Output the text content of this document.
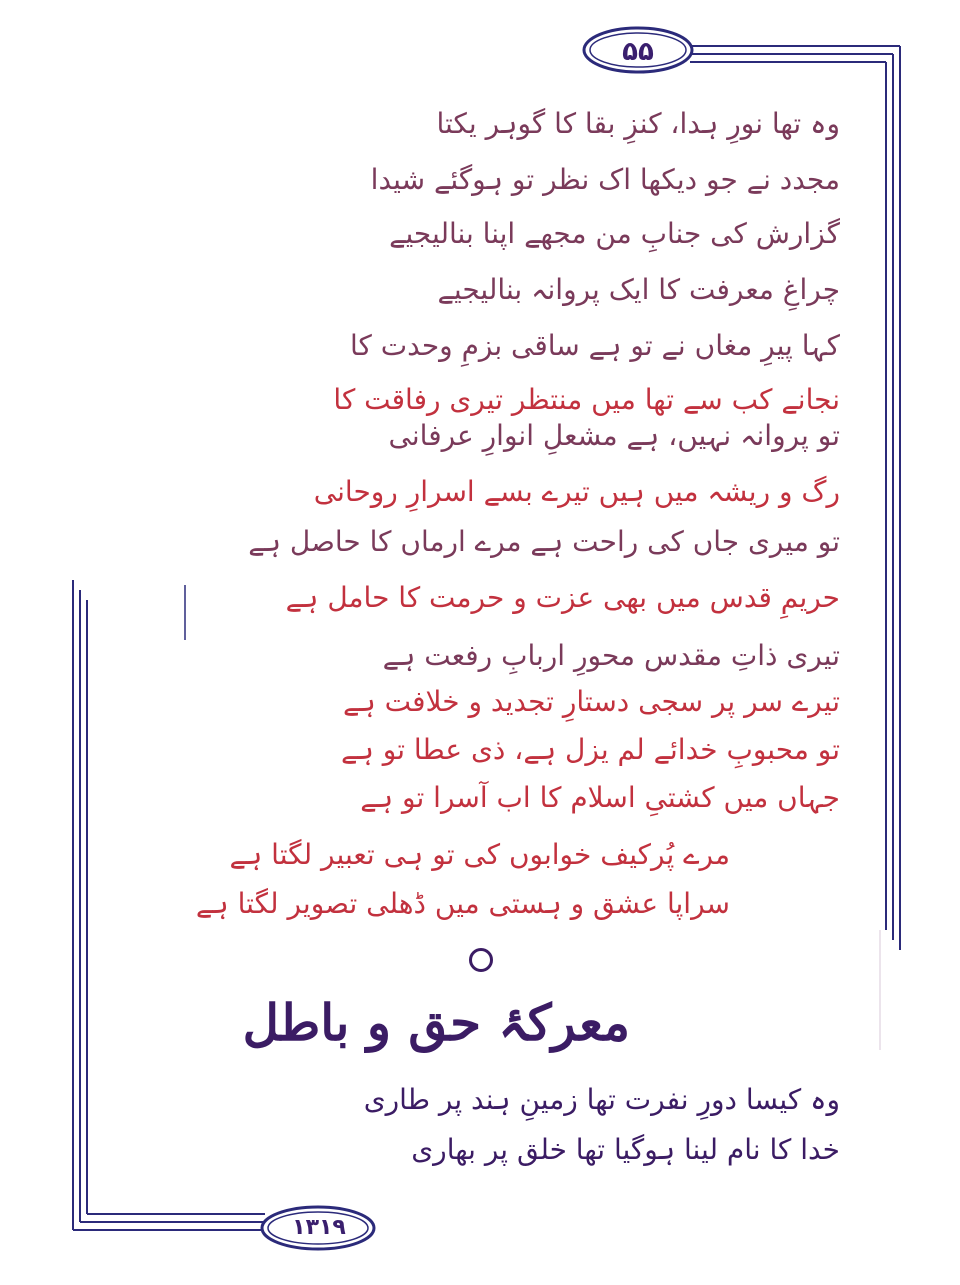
۵۵
۱۳۱۹
وہ تھا نورِ ہدا، کنزِ بقا کا گوہر یکتا
مجدد نے جو دیکھا اک نظر تو ہوگئے شیدا
گزارش کی جنابِ من مجھے اپنا بنالیجیے
چراغِ معرفت کا ایک پروانہ بنالیجیے
کہا پیرِ مغاں نے تو ہے ساقی بزمِ وحدت کا
نجانے کب سے تھا میں منتظر تیری رفاقت کا
تو پروانہ نہیں، ہے مشعلِ انوارِ عرفانی
رگ و ریشہ میں ہیں تیرے بسے اسرارِ روحانی
تو میری جاں کی راحت ہے مرے ارماں کا حاصل ہے
حریمِ قدس میں بھی عزت و حرمت کا حامل ہے
تیری ذاتِ مقدس محورِ اربابِ رفعت ہے
تیرے سر پر سجی دستارِ تجدید و خلافت ہے
تو محبوبِ خدائے لم یزل ہے، ذی عطا تو ہے
جہاں میں کشتیِ اسلام کا اب آسرا تو ہے
مرے پُرکیف خوابوں کی تو ہی تعبیر لگتا ہے
سراپا عشق و ہستی میں ڈھلی تصویر لگتا ہے
معرکۂ حق و باطل
وہ کیسا دورِ نفرت تھا زمینِ ہند پر طاری
خدا کا نام لینا ہوگیا تھا خلق پر بھاری
